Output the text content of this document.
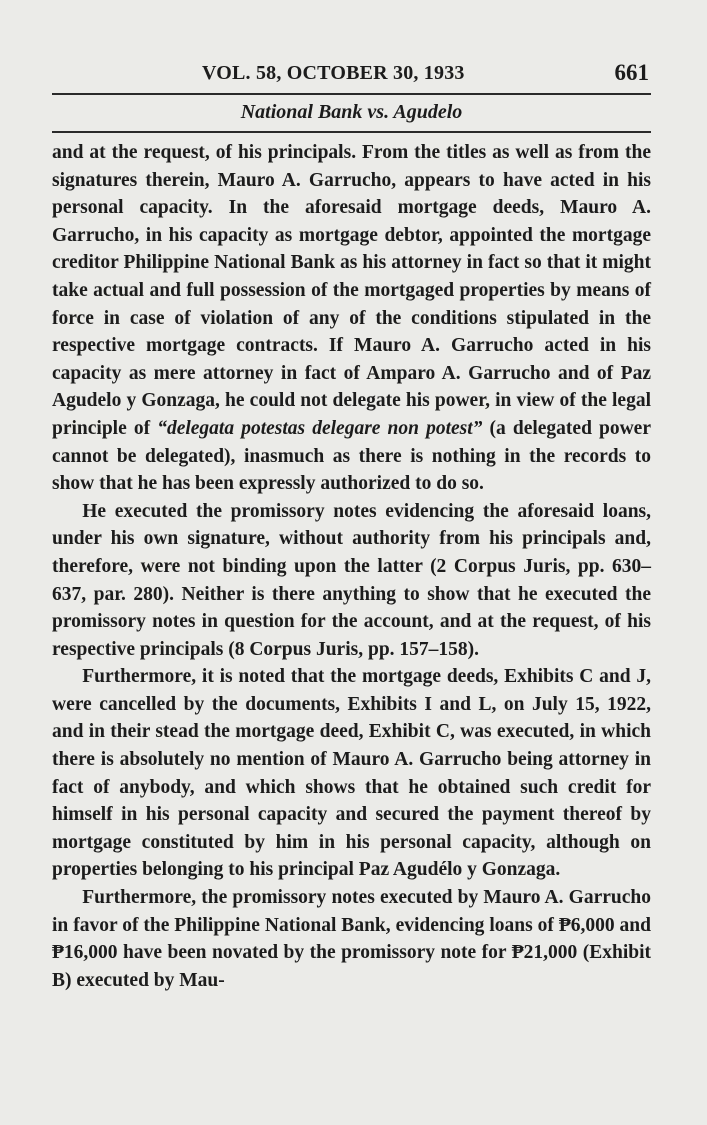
VOL. 58, OCTOBER 30, 1933	661
National Bank vs. Agudelo

and at the request, of his principals. From the titles as well as from the signatures therein, Mauro A. Garrucho, appears to have acted in his personal capacity. In the aforesaid mortgage deeds, Mauro A. Garrucho, in his capacity as mortgage debtor, appointed the mortgage creditor Philippine National Bank as his attorney in fact so that it might take actual and full possession of the mortgaged properties by means of force in case of violation of any of the conditions stipulated in the respective mortgage contracts. If Mauro A. Garrucho acted in his capacity as mere attorney in fact of Amparo A. Garrucho and of Paz Agudelo y Gonzaga, he could not delegate his power, in view of the legal principle of “delegata potestas delegare non potest” (a delegated power cannot be delegated), inasmuch as there is nothing in the records to show that he has been expressly authorized to do so.

He executed the promissory notes evidencing the aforesaid loans, under his own signature, without authority from his principals and, therefore, were not binding upon the latter (2 Corpus Juris, pp. 630–637, par. 280). Neither is there anything to show that he executed the promissory notes in question for the account, and at the request, of his respective principals (8 Corpus Juris, pp. 157–158).

Furthermore, it is noted that the mortgage deeds, Exhibits C and J, were cancelled by the documents, Exhibits I and L, on July 15, 1922, and in their stead the mortgage deed, Exhibit C, was executed, in which there is absolutely no mention of Mauro A. Garrucho being attorney in fact of anybody, and which shows that he obtained such credit for himself in his personal capacity and secured the payment thereof by mortgage constituted by him in his personal capacity, although on properties belonging to his principal Paz Agudélo y Gonzaga.

Furthermore, the promissory notes executed by Mauro A. Garrucho in favor of the Philippine National Bank, evidencing loans of ₱6,000 and ₱16,000 have been novated by the promissory note for ₱21,000 (Exhibit B) executed by Mau-
